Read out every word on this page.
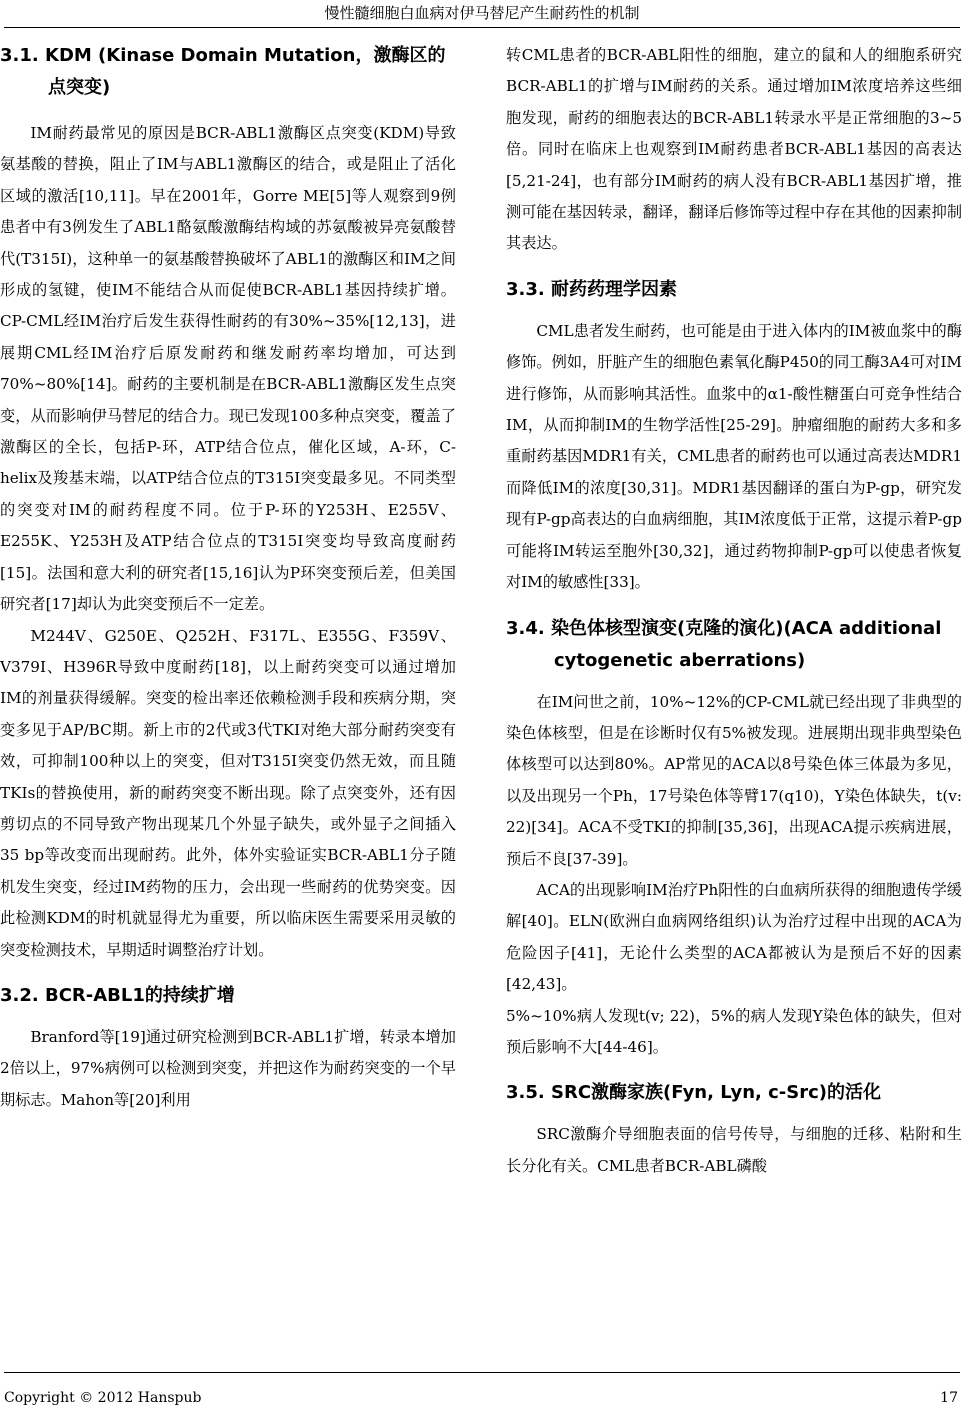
慢性髓细胞白血病对伊马替尼产生耐药性的机制
3.1. KDM (Kinase Domain Mutation，激酶区的点突变)

IM耐药最常见的原因是BCR-ABL1激酶区点突变(KDM)导致氨基酸的替换，阻止了IM与ABL1激酶区的结合，或是阻止了活化区域的激活[10,11]。早在2001年，Gorre ME[5]等人观察到9例患者中有3例发生了ABL1酪氨酸激酶结构域的苏氨酸被异亮氨酸替代(T315I)，这种单一的氨基酸替换破坏了ABL1的激酶区和IM之间形成的氢键，使IM不能结合从而促使BCR-ABL1基因持续扩增。CP-CML经IM治疗后发生获得性耐药的有30%~35%[12,13]，进展期CML经IM治疗后原发耐药和继发耐药率均增加，可达到70%~80%[14]。耐药的主要机制是在BCR-ABL1激酶区发生点突变，从而影响伊马替尼的结合力。现已发现100多种点突变，覆盖了激酶区的全长，包括P-环，ATP结合位点，催化区域，A-环，C-helix及羧基末端，以ATP结合位点的T315I突变最多见。不同类型的突变对IM的耐药程度不同。位于P-环的Y253H、E255V、E255K、Y253H及ATP结合位点的T315I突变均导致高度耐药[15]。法国和意大利的研究者[15,16]认为P环突变预后差，但美国研究者[17]却认为此突变预后不一定差。

M244V、G250E、Q252H、F317L、E355G、F359V、V379I、H396R导致中度耐药[18]，以上耐药突变可以通过增加IM的剂量获得缓解。突变的检出率还依赖检测手段和疾病分期，突变多见于AP/BC期。新上市的2代或3代TKI对绝大部分耐药突变有效，可抑制100种以上的突变，但对T315I突变仍然无效，而且随TKIs的替换使用，新的耐药突变不断出现。除了点突变外，还有因剪切点的不同导致产物出现某几个外显子缺失，或外显子之间插入35 bp等改变而出现耐药。此外，体外实验证实BCR-ABL1分子随机发生突变，经过IM药物的压力，会出现一些耐药的优势突变。因此检测KDM的时机就显得尤为重要，所以临床医生需要采用灵敏的突变检测技术，早期适时调整治疗计划。

3.2. BCR-ABL1的持续扩增

Branford等[19]通过研究检测到BCR-ABL1扩增，转录本增加2倍以上，97%病例可以检测到突变，并把这作为耐药突变的一个早期标志。Mahon等[20]利用

转CML患者的BCR-ABL阳性的细胞，建立的鼠和人的细胞系研究BCR-ABL1的扩增与IM耐药的关系。通过增加IM浓度培养这些细胞发现，耐药的细胞表达的BCR-ABL1转录水平是正常细胞的3~5倍。同时在临床上也观察到IM耐药患者BCR-ABL1基因的高表达[5,21-24]，也有部分IM耐药的病人没有BCR-ABL1基因扩增，推测可能在基因转录，翻译，翻译后修饰等过程中存在其他的因素抑制其表达。

3.3. 耐药药理学因素

CML患者发生耐药，也可能是由于进入体内的IM被血浆中的酶修饰。例如，肝脏产生的细胞色素氧化酶P450的同工酶3A4可对IM进行修饰，从而影响其活性。血浆中的α1-酸性糖蛋白可竞争性结合IM，从而抑制IM的生物学活性[25-29]。肿瘤细胞的耐药大多和多重耐药基因MDR1有关，CML患者的耐药也可以通过高表达MDR1而降低IM的浓度[30,31]。MDR1基因翻译的蛋白为P-gp，研究发现有P-gp高表达的白血病细胞，其IM浓度低于正常，这提示着P-gp可能将IM转运至胞外[30,32]，通过药物抑制P-gp可以使患者恢复对IM的敏感性[33]。

3.4. 染色体核型演变(克隆的演化)(ACA additional cytogenetic aberrations)

在IM问世之前，10%~12%的CP-CML就已经出现了非典型的染色体核型，但是在诊断时仅有5%被发现。进展期出现非典型染色体核型可以达到80%。AP常见的ACA以8号染色体三体最为多见，以及出现另一个Ph，17号染色体等臂17(q10)，Y染色体缺失，t(v: 22)[34]。ACA不受TKI的抑制[35,36]，出现ACA提示疾病进展，预后不良[37-39]。

ACA的出现影响IM治疗Ph阳性的白血病所获得的细胞遗传学缓解[40]。ELN(欧洲白血病网络组织)认为治疗过程中出现的ACA为危险因子[41]，无论什么类型的ACA都被认为是预后不好的因素[42,43]。

5%~10%病人发现t(v; 22)，5%的病人发现Y染色体的缺失，但对预后影响不大[44-46]。

3.5. SRC激酶家族(Fyn, Lyn, c-Src)的活化

SRC激酶介导细胞表面的信号传导，与细胞的迁移、粘附和生长分化有关。CML患者BCR-ABL磷酸

Copyright © 2012 Hanspub	17
